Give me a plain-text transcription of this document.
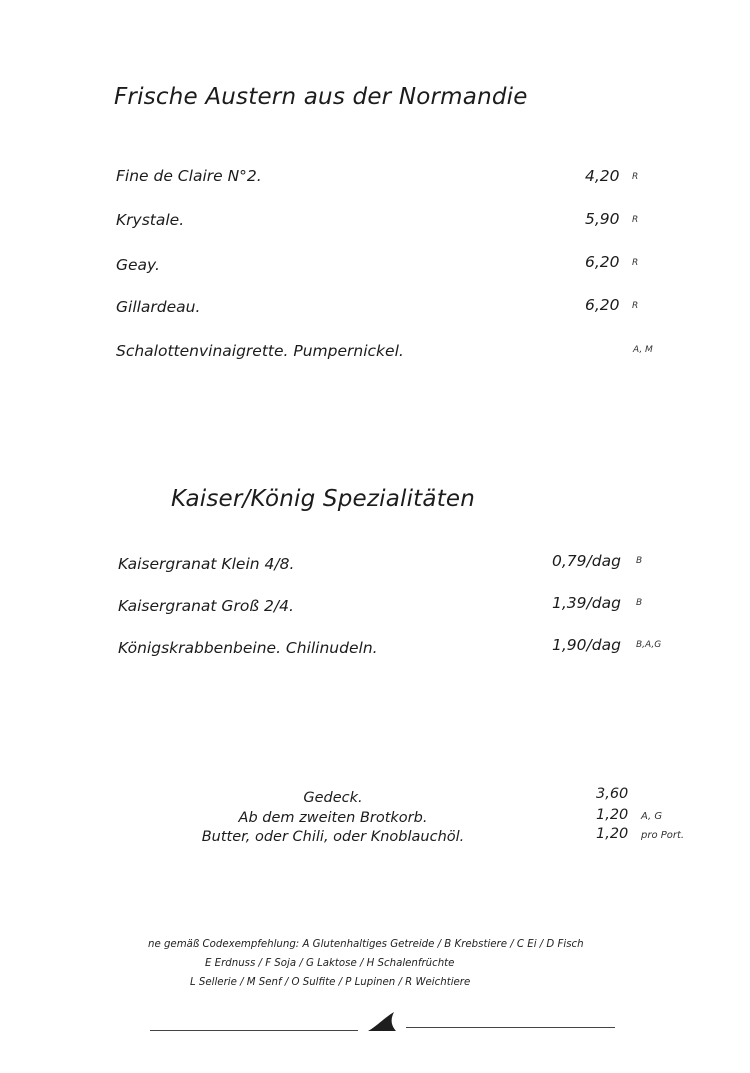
Frische Austern aus der Normandie
Fine de Claire N°2.	4,20 R
Krystale.	5,90 R
Geay.	6,20 R
Gillardeau.	6,20 R
Schalottenvinaigrette. Pumpernickel.	A, M
Kaiser/König Spezialitäten
Kaisergranat Klein 4/8.	0,79/dag B
Kaisergranat Groß 2/4.	1,39/dag B
Königskrabbenbeine. Chilinudeln.	1,90/dag B,A,G
Gedeck.	3,60
Ab dem zweiten Brotkorb.	1,20 A, G
Butter, oder Chili, oder Knoblauchöl.	1,20 pro Port.
ne gemäß Codexempfehlung: A Glutenhaltiges Getreide / B Krebstiere / C Ei / D Fisch
E Erdnuss / F Soja / G Laktose / H Schalenfrüchte
L Sellerie / M Senf / O Sulfite / P Lupinen / R Weichtiere
